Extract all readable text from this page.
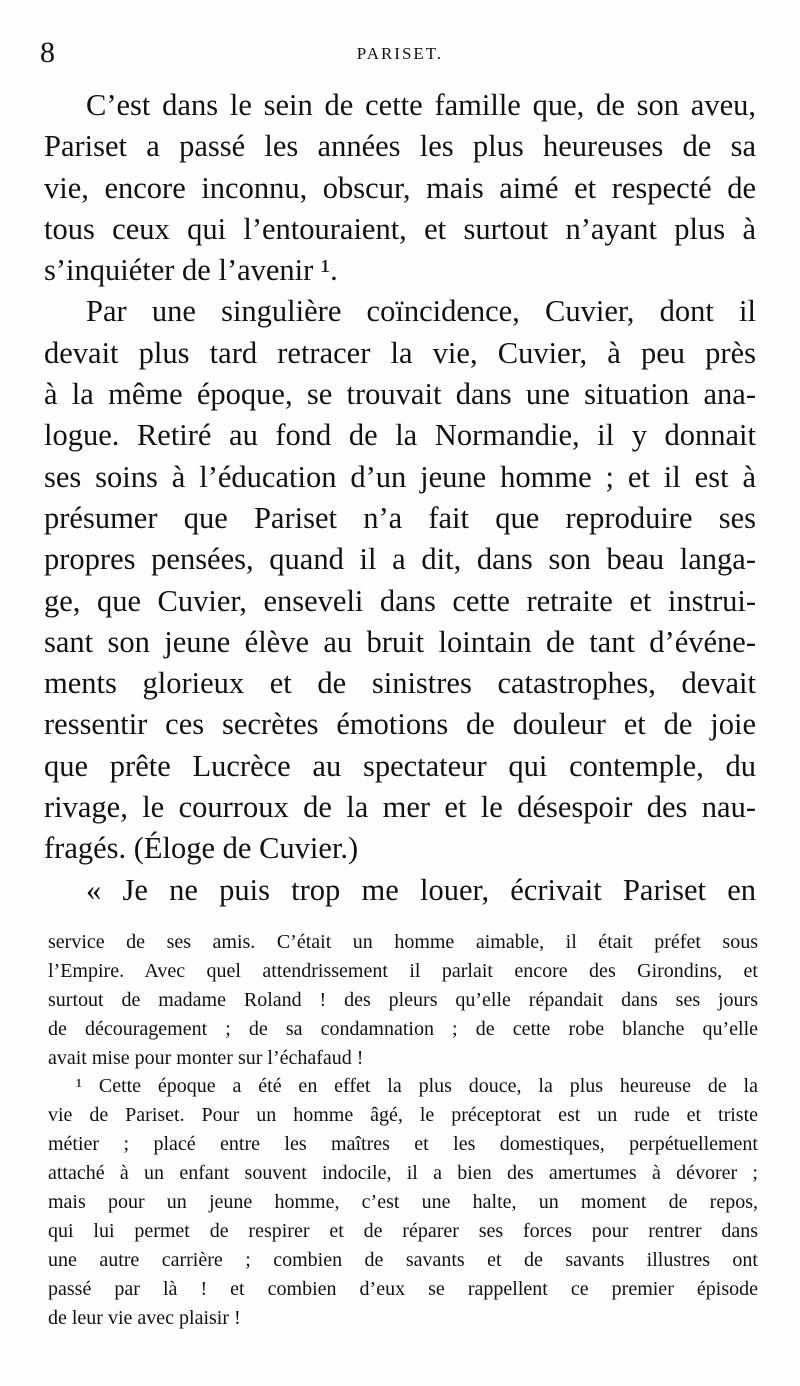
8	PARISET.
C’est dans le sein de cette famille que, de son aveu,
Pariset a passé les années les plus heureuses de sa
vie, encore inconnu, obscur, mais aimé et respecté de
tous ceux qui l’entouraient, et surtout n’ayant plus à
s’inquiéter de l’avenir ¹.
Par une singulière coïncidence, Cuvier, dont il
devait plus tard retracer la vie, Cuvier, à peu près
à la même époque, se trouvait dans une situation ana-
logue. Retiré au fond de la Normandie, il y donnait
ses soins à l’éducation d’un jeune homme ; et il est à
présumer que Pariset n’a fait que reproduire ses
propres pensées, quand il a dit, dans son beau langa-
ge, que Cuvier, enseveli dans cette retraite et instrui-
sant son jeune élève au bruit lointain de tant d’événe-
ments glorieux et de sinistres catastrophes, devait
ressentir ces secrètes émotions de douleur et de joie
que prête Lucrèce au spectateur qui contemple, du
rivage, le courroux de la mer et le désespoir des nau-
fragés. (Éloge de Cuvier.)
« Je ne puis trop me louer, écrivait Pariset en
service de ses amis. C’était un homme aimable, il était préfet sous
l’Empire. Avec quel attendrissement il parlait encore des Girondins, et
surtout de madame Roland ! des pleurs qu’elle répandait dans ses jours
de découragement ; de sa condamnation ; de cette robe blanche qu’elle
avait mise pour monter sur l’échafaud !
¹ Cette époque a été en effet la plus douce, la plus heureuse de la
vie de Pariset. Pour un homme âgé, le préceptorat est un rude et triste
métier ; placé entre les maîtres et les domestiques, perpétuellement
attaché à un enfant souvent indocile, il a bien des amertumes à dévorer ;
mais pour un jeune homme, c’est une halte, un moment de repos,
qui lui permet de respirer et de réparer ses forces pour rentrer dans
une autre carrière ; combien de savants et de savants illustres ont
passé par là ! et combien d’eux se rappellent ce premier épisode
de leur vie avec plaisir !
